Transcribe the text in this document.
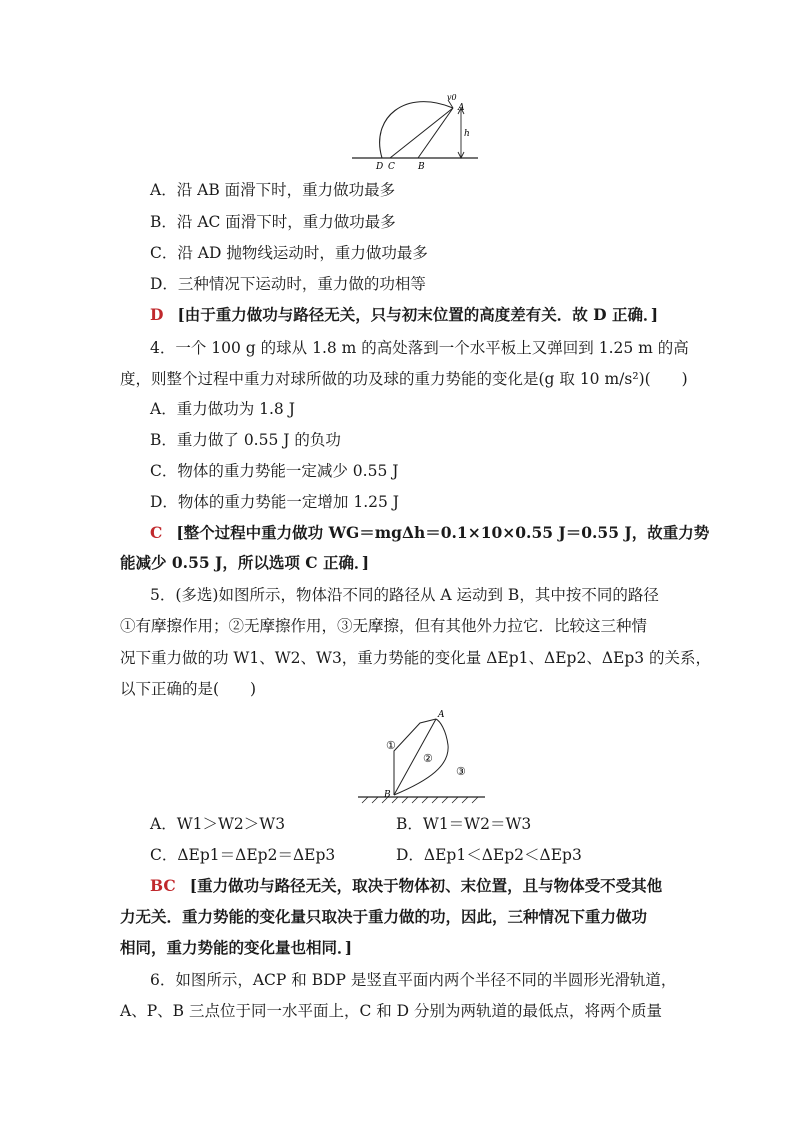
v0
A
h
D C	B
A．沿 AB 面滑下时，重力做功最多
B．沿 AC 面滑下时，重力做功最多
C．沿 AD 抛物线运动时，重力做功最多
D．三种情况下运动时，重力做的功相等
D [由于重力做功与路径无关，只与初末位置的高度差有关．故 D 正确．]
4．一个 100 g 的球从 1.8 m 的高处落到一个水平板上又弹回到 1.25 m 的高
度，则整个过程中重力对球所做的功及球的重力势能的变化是(g 取 10 m/s²)(　　)
A．重力做功为 1.8 J
B．重力做了 0.55 J 的负功
C．物体的重力势能一定减少 0.55 J
D．物体的重力势能一定增加 1.25 J
C [整个过程中重力做功 WG＝mgΔh＝0.1×10×0.55 J＝0.55 J，故重力势
能减少 0.55 J，所以选项 C 正确．]
5．(多选)如图所示，物体沿不同的路径从 A 运动到 B，其中按不同的路径
①有摩擦作用；②无摩擦作用，③无摩擦，但有其他外力拉它．比较这三种情
况下重力做的功 W1、W2、W3，重力势能的变化量 ΔEp1、ΔEp2、ΔEp3 的关系，
以下正确的是(　　)
A
B
①
②
③
A．W1＞W2＞W3	B．W1＝W2＝W3
C．ΔEp1＝ΔEp2＝ΔEp3	D．ΔEp1＜ΔEp2＜ΔEp3
BC [重力做功与路径无关，取决于物体初、末位置，且与物体受不受其他
力无关．重力势能的变化量只取决于重力做的功，因此，三种情况下重力做功
相同，重力势能的变化量也相同．]
6．如图所示，ACP 和 BDP 是竖直平面内两个半径不同的半圆形光滑轨道，
A、P、B 三点位于同一水平面上，C 和 D 分别为两轨道的最低点，将两个质量
